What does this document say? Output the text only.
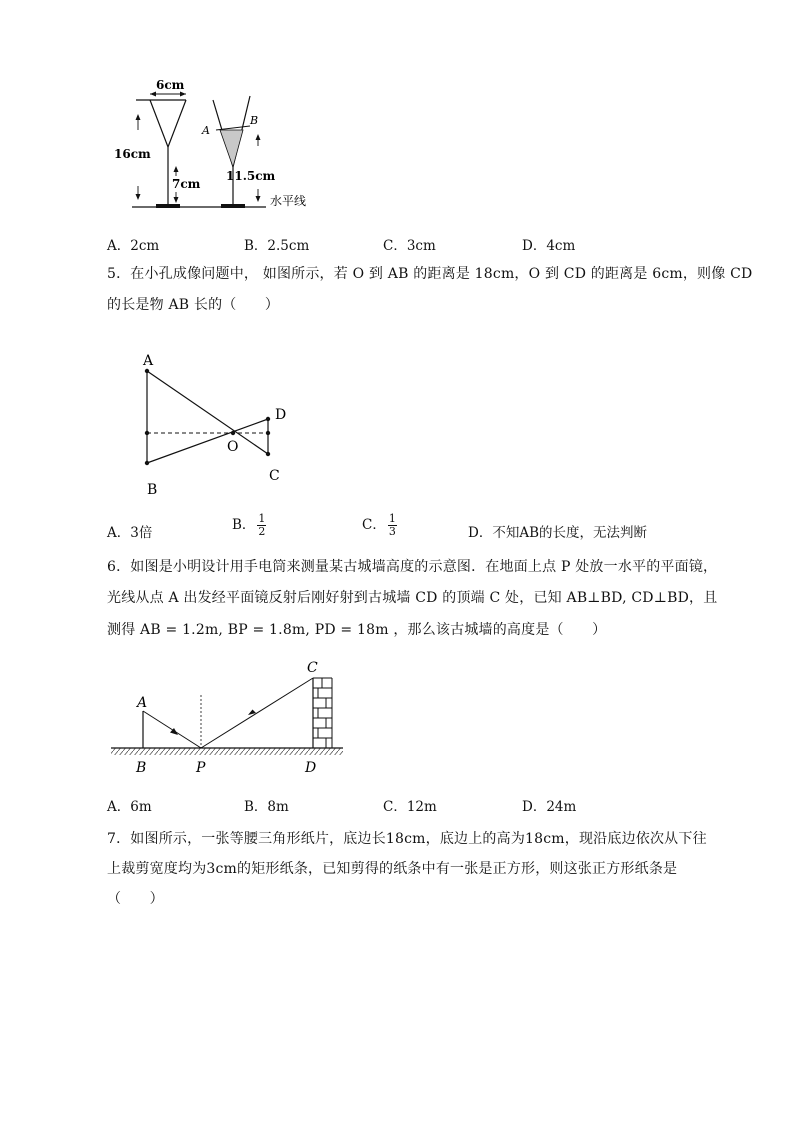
6cm
16cm
7cm
A
B
11.5cm
水平线
A．2cm	B．2.5cm	C．3cm	D．4cm
5．在小孔成像问题中， 如图所示，若 O 到 AB 的距离是 18cm，O 到 CD 的距离是 6cm，则像 CD
的长是物 AB 长的（　　）
A
B
O
D
C
A．3倍	B． $\frac{1}{2}$	C． $\frac{1}{3}$	D．不知AB的长度，无法判断
6．如图是小明设计用手电筒来测量某古城墙高度的示意图．在地面上点 P 处放一水平的平面镜，
光线从点 A 出发经平面镜反射后刚好射到古城墙 CD 的顶端 C 处，已知 AB⊥BD, CD⊥BD，且
测得 AB = 1.2m, BP = 1.8m, PD = 18m ，那么该古城墙的高度是（　　）
A
B	P
C
D
A．6m	B．8m	C．12m	D．24m
7．如图所示，一张等腰三角形纸片，底边长18cm，底边上的高为18cm，现沿底边依次从下往
上裁剪宽度均为3cm的矩形纸条，已知剪得的纸条中有一张是正方形，则这张正方形纸条是
（　　）
